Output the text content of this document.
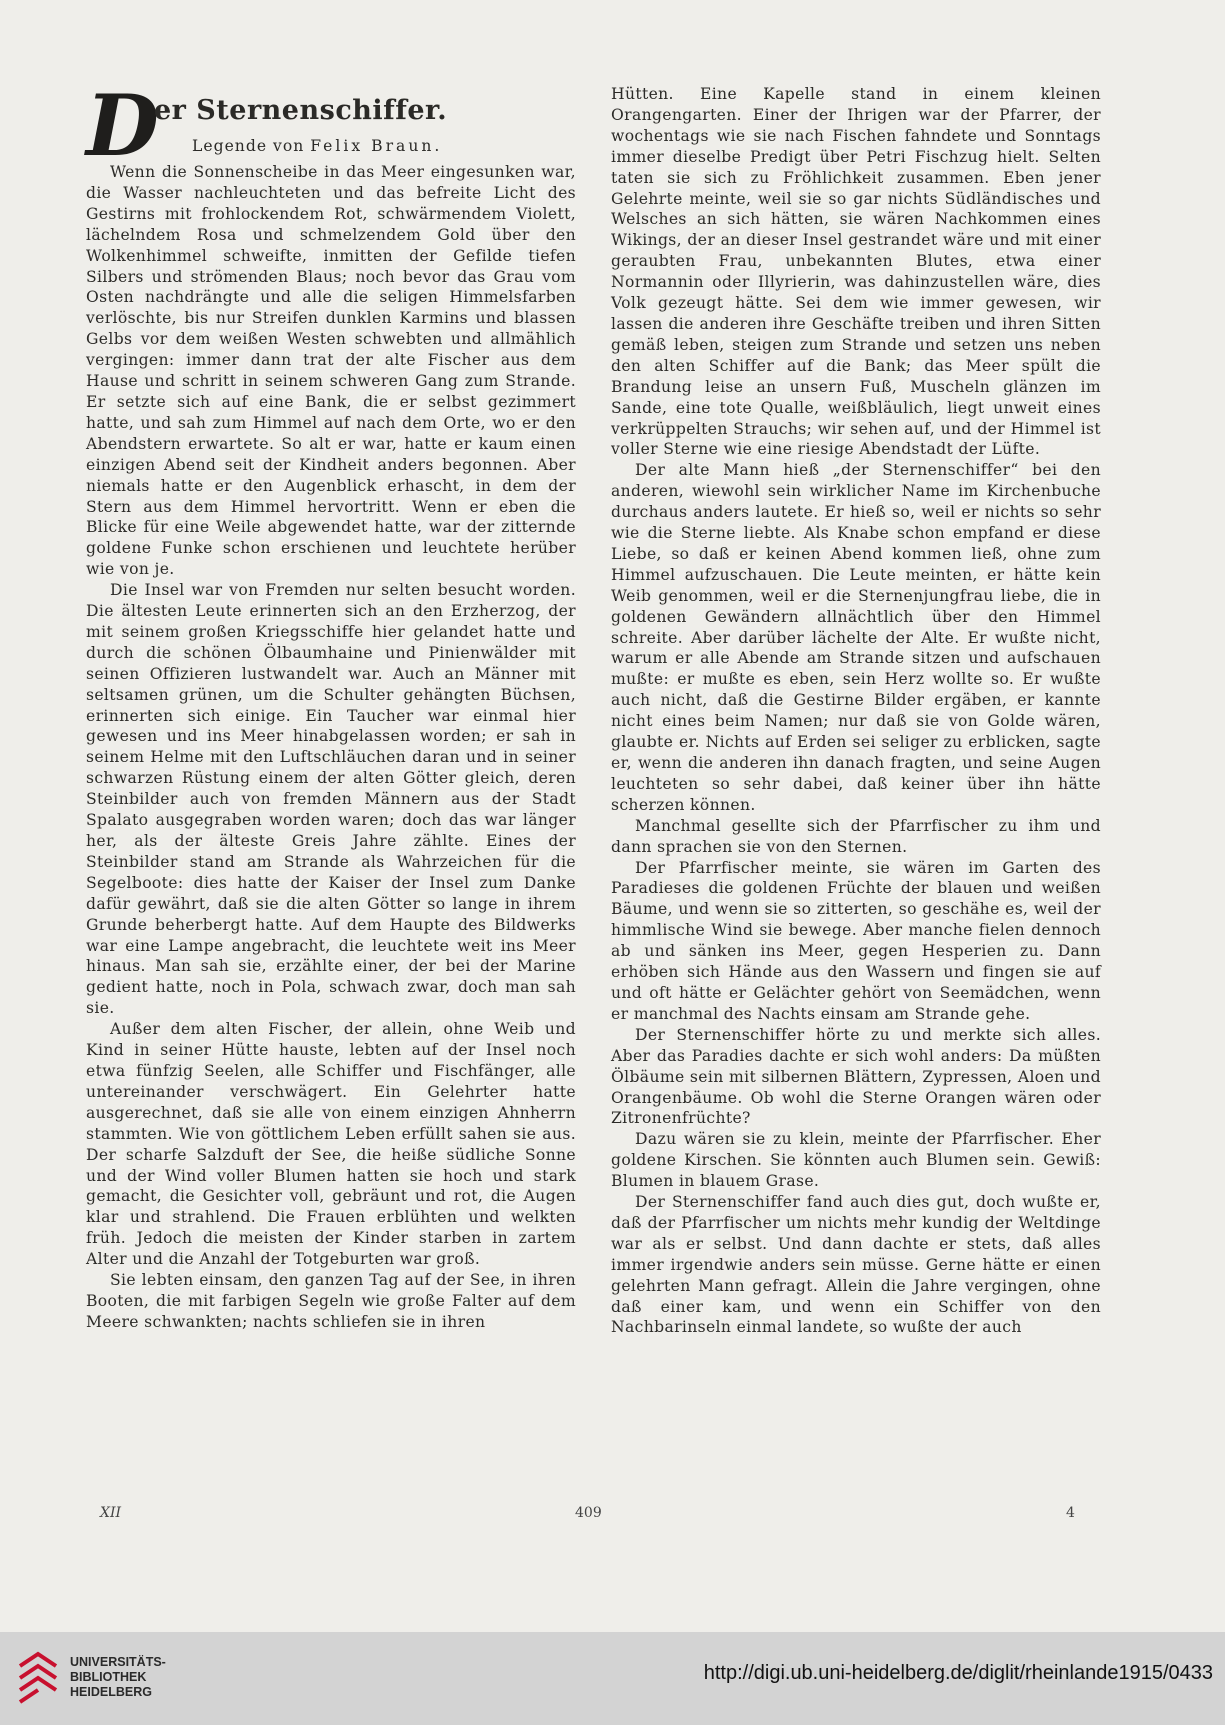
D
er Sternenschiffer.
Legende von Felix Braun.

Wenn die Sonnenscheibe in das Meer eingesunken war, die Wasser nachleuchteten und das befreite Licht des Gestirns mit frohlockendem Rot, schwärmendem Violett, lächelndem Rosa und schmelzendem Gold über den Wolkenhimmel schweifte, inmitten der Gefilde tiefen Silbers und strömenden Blaus; noch bevor das Grau vom Osten nachdrängte und alle die seligen Himmelsfarben verlöschte, bis nur Streifen dunklen Karmins und blassen Gelbs vor dem weißen Westen schwebten und allmählich vergingen: immer dann trat der alte Fischer aus dem Hause und schritt in seinem schweren Gang zum Strande. Er setzte sich auf eine Bank, die er selbst gezimmert hatte, und sah zum Himmel auf nach dem Orte, wo er den Abendstern erwartete. So alt er war, hatte er kaum einen einzigen Abend seit der Kindheit anders begonnen. Aber niemals hatte er den Augenblick erhascht, in dem der Stern aus dem Himmel hervortritt. Wenn er eben die Blicke für eine Weile abgewendet hatte, war der zitternde goldene Funke schon erschienen und leuchtete herüber wie von je.

Die Insel war von Fremden nur selten besucht worden. Die ältesten Leute erinnerten sich an den Erzherzog, der mit seinem großen Kriegsschiffe hier gelandet hatte und durch die schönen Ölbaumhaine und Pinienwälder mit seinen Offizieren lustwandelt war. Auch an Männer mit seltsamen grünen, um die Schulter gehängten Büchsen, erinnerten sich einige. Ein Taucher war einmal hier gewesen und ins Meer hinabgelassen worden; er sah in seinem Helme mit den Luftschläuchen daran und in seiner schwarzen Rüstung einem der alten Götter gleich, deren Steinbilder auch von fremden Männern aus der Stadt Spalato ausgegraben worden waren; doch das war länger her, als der älteste Greis Jahre zählte. Eines der Steinbilder stand am Strande als Wahrzeichen für die Segelboote: dies hatte der Kaiser der Insel zum Danke dafür gewährt, daß sie die alten Götter so lange in ihrem Grunde beherbergt hatte. Auf dem Haupte des Bildwerks war eine Lampe angebracht, die leuchtete weit ins Meer hinaus. Man sah sie, erzählte einer, der bei der Marine gedient hatte, noch in Pola, schwach zwar, doch man sah sie.

Außer dem alten Fischer, der allein, ohne Weib und Kind in seiner Hütte hauste, lebten auf der Insel noch etwa fünfzig Seelen, alle Schiffer und Fischfänger, alle untereinander verschwägert. Ein Gelehrter hatte ausgerechnet, daß sie alle von einem einzigen Ahnherrn stammten. Wie von göttlichem Leben erfüllt sahen sie aus. Der scharfe Salzduft der See, die heiße südliche Sonne und der Wind voller Blumen hatten sie hoch und stark gemacht, die Gesichter voll, gebräunt und rot, die Augen klar und strahlend. Die Frauen erblühten und welkten früh. Jedoch die meisten der Kinder starben in zartem Alter und die Anzahl der Totgeburten war groß.

Sie lebten einsam, den ganzen Tag auf der See, in ihren Booten, die mit farbigen Segeln wie große Falter auf dem Meere schwankten; nachts schliefen sie in ihren

Hütten. Eine Kapelle stand in einem kleinen Orangengarten. Einer der Ihrigen war der Pfarrer, der wochentags wie sie nach Fischen fahndete und Sonntags immer dieselbe Predigt über Petri Fischzug hielt. Selten taten sie sich zu Fröhlichkeit zusammen. Eben jener Gelehrte meinte, weil sie so gar nichts Südländisches und Welsches an sich hätten, sie wären Nachkommen eines Wikings, der an dieser Insel gestrandet wäre und mit einer geraubten Frau, unbekannten Blutes, etwa einer Normannin oder Illyrierin, was dahinzustellen wäre, dies Volk gezeugt hätte. Sei dem wie immer gewesen, wir lassen die anderen ihre Geschäfte treiben und ihren Sitten gemäß leben, steigen zum Strande und setzen uns neben den alten Schiffer auf die Bank; das Meer spült die Brandung leise an unsern Fuß, Muscheln glänzen im Sande, eine tote Qualle, weißbläulich, liegt unweit eines verkrüppelten Strauchs; wir sehen auf, und der Himmel ist voller Sterne wie eine riesige Abendstadt der Lüfte.

Der alte Mann hieß „der Sternenschiffer“ bei den anderen, wiewohl sein wirklicher Name im Kirchenbuche durchaus anders lautete. Er hieß so, weil er nichts so sehr wie die Sterne liebte. Als Knabe schon empfand er diese Liebe, so daß er keinen Abend kommen ließ, ohne zum Himmel aufzuschauen. Die Leute meinten, er hätte kein Weib genommen, weil er die Sternenjungfrau liebe, die in goldenen Gewändern allnächtlich über den Himmel schreite. Aber darüber lächelte der Alte. Er wußte nicht, warum er alle Abende am Strande sitzen und aufschauen mußte: er mußte es eben, sein Herz wollte so. Er wußte auch nicht, daß die Gestirne Bilder ergäben, er kannte nicht eines beim Namen; nur daß sie von Golde wären, glaubte er. Nichts auf Erden sei seliger zu erblicken, sagte er, wenn die anderen ihn danach fragten, und seine Augen leuchteten so sehr dabei, daß keiner über ihn hätte scherzen können.

Manchmal gesellte sich der Pfarrfischer zu ihm und dann sprachen sie von den Sternen.

Der Pfarrfischer meinte, sie wären im Garten des Paradieses die goldenen Früchte der blauen und weißen Bäume, und wenn sie so zitterten, so geschähe es, weil der himmlische Wind sie bewege. Aber manche fielen dennoch ab und sänken ins Meer, gegen Hesperien zu. Dann erhöben sich Hände aus den Wassern und fingen sie auf und oft hätte er Gelächter gehört von Seemädchen, wenn er manchmal des Nachts einsam am Strande gehe.

Der Sternenschiffer hörte zu und merkte sich alles. Aber das Paradies dachte er sich wohl anders: Da müßten Ölbäume sein mit silbernen Blättern, Zypressen, Aloen und Orangenbäume. Ob wohl die Sterne Orangen wären oder Zitronenfrüchte?

Dazu wären sie zu klein, meinte der Pfarrfischer. Eher goldene Kirschen. Sie könnten auch Blumen sein. Gewiß: Blumen in blauem Grase.

Der Sternenschiffer fand auch dies gut, doch wußte er, daß der Pfarrfischer um nichts mehr kundig der Weltdinge war als er selbst. Und dann dachte er stets, daß alles immer irgendwie anders sein müsse. Gerne hätte er einen gelehrten Mann gefragt. Allein die Jahre vergingen, ohne daß einer kam, und wenn ein Schiffer von den Nachbarinseln einmal landete, so wußte der auch

XII	409	4
UNIVERSITÄTS-
BIBLIOTHEK
HEIDELBERG
http://digi.ub.uni-heidelberg.de/diglit/rheinlande1915/0433
